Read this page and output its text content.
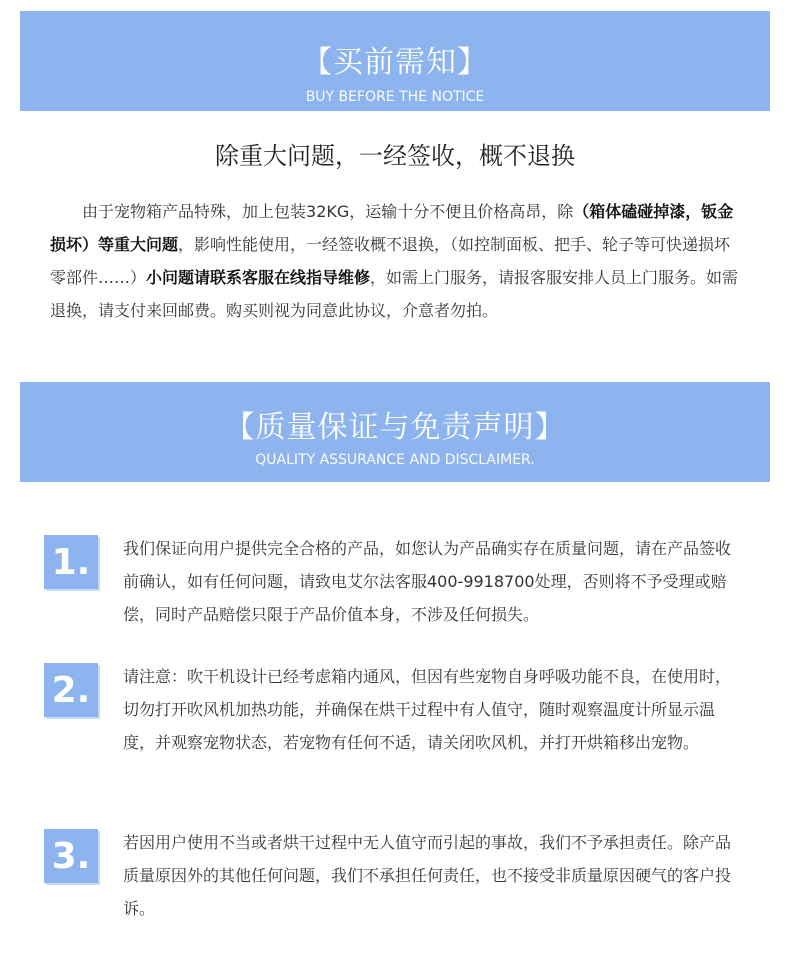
【买前需知】
BUY BEFORE THE NOTICE
除重大问题，一经签收，概不退换

　　由于宠物箱产品特殊，加上包装32KG，运输十分不便且价格高昂，除（箱体磕碰掉漆，钣金损坏）等重大问题，影响性能使用，一经签收概不退换，（如控制面板、把手、轮子等可快递损坏零部件……）小问题请联系客服在线指导维修，如需上门服务，请报客服安排人员上门服务。如需退换，请支付来回邮费。购买则视为同意此协议，介意者勿拍。

【质量保证与免责声明】
QUALITY ASSURANCE AND DISCLAIMER.
1.	我们保证向用户提供完全合格的产品，如您认为产品确实存在质量问题，请在产品签收前确认，如有任何问题，请致电艾尔法客服400-9918700处理，否则将不予受理或赔偿，同时产品赔偿只限于产品价值本身，不涉及任何损失。

2.	请注意：吹干机设计已经考虑箱内通风，但因有些宠物自身呼吸功能不良，在使用时，切勿打开吹风机加热功能，并确保在烘干过程中有人值守，随时观察温度计所显示温度，并观察宠物状态，若宠物有任何不适，请关闭吹风机，并打开烘箱移出宠物。

3.	若因用户使用不当或者烘干过程中无人值守而引起的事故，我们不予承担责任。除产品质量原因外的其他任何问题，我们不承担任何责任，也不接受非质量原因硬气的客户投诉。
